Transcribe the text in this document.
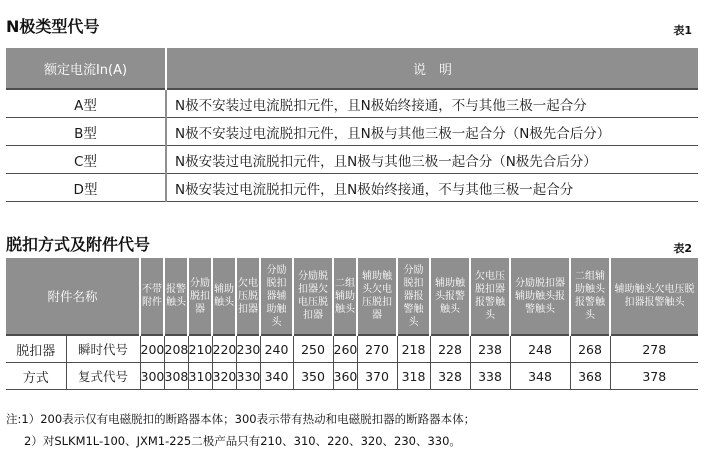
N极类型代号	表1
额定电流In(A)	说　明
A型	N极不安装过电流脱扣元件，且N极始终接通，不与其他三极一起合分
B型	N极不安装过电流脱扣元件，且N极与其他三极一起合分（N极先合后分）
C型	N极安装过电流脱扣元件，且N极与其他三极一起合分（N极先合后分）
D型	N极安装过电流脱扣元件，且N极始终接通，不与其他三极一起合分
脱扣方式及附件代号	表2
附件名称		不带附件	报警触头	分励脱扣器	辅助触头	欠电压脱扣器	分励脱扣器辅助触头	分励脱扣器欠电压脱扣器	二组辅助触头	辅助触头欠电压脱扣器	分励脱扣器报警触头	辅助触头报警触头	欠电压脱扣器报警触头	分励脱扣器辅助触头报警触头	二组辅助触头报警触头	辅助触头欠电压脱扣器报警触头
脱扣器	瞬时代号	200	208	210	220	230	240	250	260	270	218	228	238	248	268	278
方式	复式代号	300	308	310	320	330	340	350	360	370	318	328	338	348	368	378
注:1）200表示仅有电磁脱扣的断路器本体；300表示带有热动和电磁脱扣器的断路器本体；
2）对SLKM1L-100、JXM1-225二极产品只有210、310、220、320、230、330。
